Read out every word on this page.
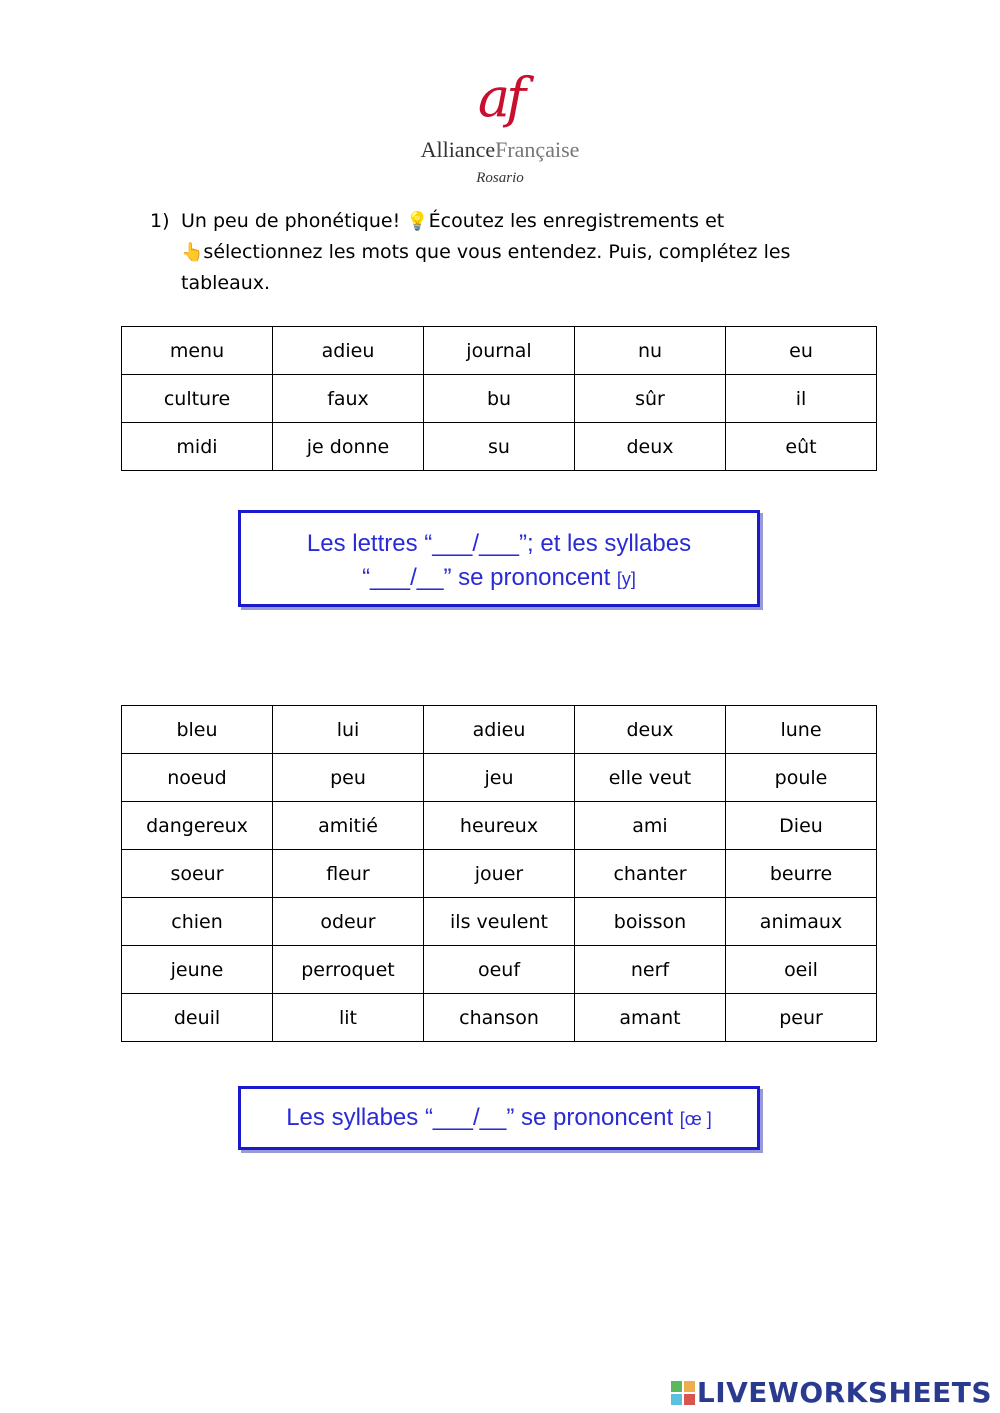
af
AllianceFrançaise
Rosario
1) Un peu de phonétique! 💡Écoutez les enregistrements et
👆sélectionnez les mots que vous entendez. Puis, complétez les tableaux.
menu	adieu	journal	nu	eu
culture	faux	bu	sûr	il
midi	je donne	su	deux	eût
Les lettres “___/___”; et les syllabes
“___/__” se prononcent [y]
bleu	lui	adieu	deux	lune
noeud	peu	jeu	elle veut	poule
dangereux	amitié	heureux	ami	Dieu
soeur	fleur	jouer	chanter	beurre
chien	odeur	ils veulent	boisson	animaux
jeune	perroquet	oeuf	nerf	oeil
deuil	lit	chanson	amant	peur
Les syllabes “___/__” se prononcent [œ ]
LIVEWORKSHEETS
